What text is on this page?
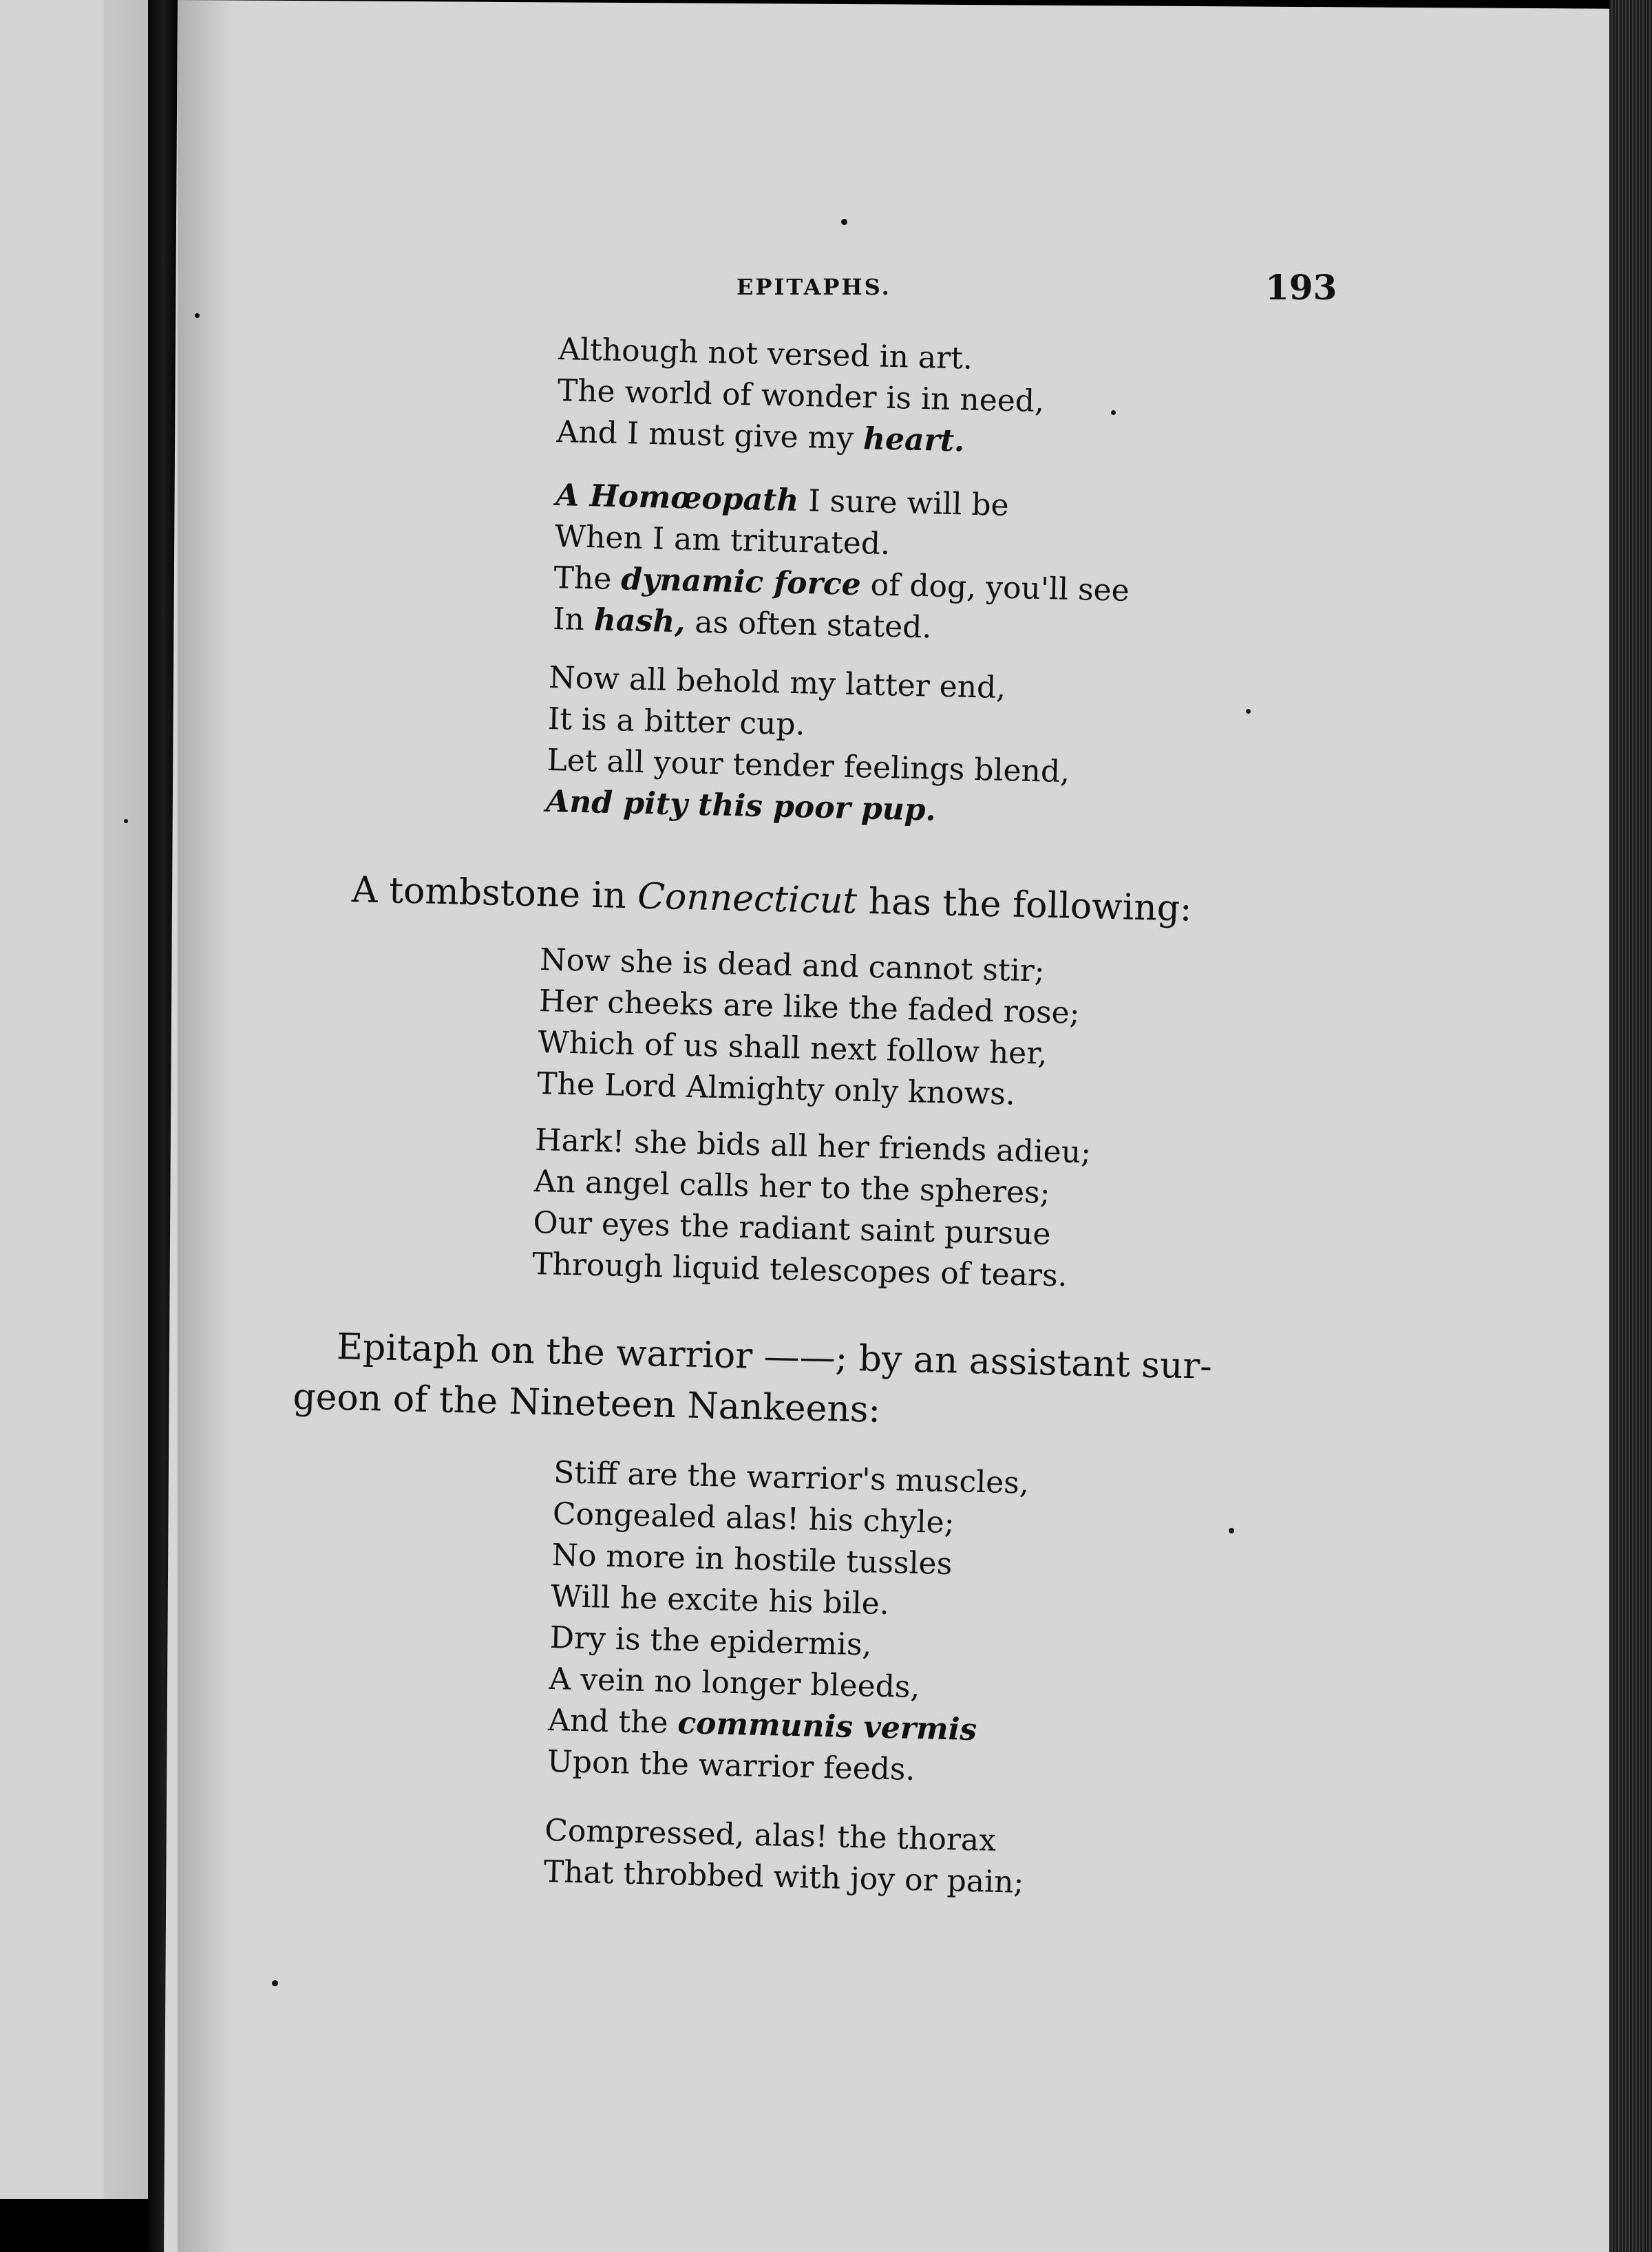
EPITAPHS.	193
Although not versed in art.
The world of wonder is in need,
And I must give my heart.
A Homœopath I sure will be
When I am triturated.
The dynamic force of dog, you'll see
In hash, as often stated.
Now all behold my latter end,
It is a bitter cup.
Let all your tender feelings blend,
And pity this poor pup.
A tombstone in Connecticut has the following:
Now she is dead and cannot stir;
Her cheeks are like the faded rose;
Which of us shall next follow her,
The Lord Almighty only knows.
Hark! she bids all her friends adieu;
An angel calls her to the spheres;
Our eyes the radiant saint pursue
Through liquid telescopes of tears.
Epitaph on the warrior ——; by an assistant sur-
geon of the Nineteen Nankeens:
Stiff are the warrior's muscles,
Congealed alas! his chyle;
No more in hostile tussles
Will he excite his bile.
Dry is the epidermis,
A vein no longer bleeds,
And the communis vermis
Upon the warrior feeds.
Compressed, alas! the thorax
That throbbed with joy or pain;
